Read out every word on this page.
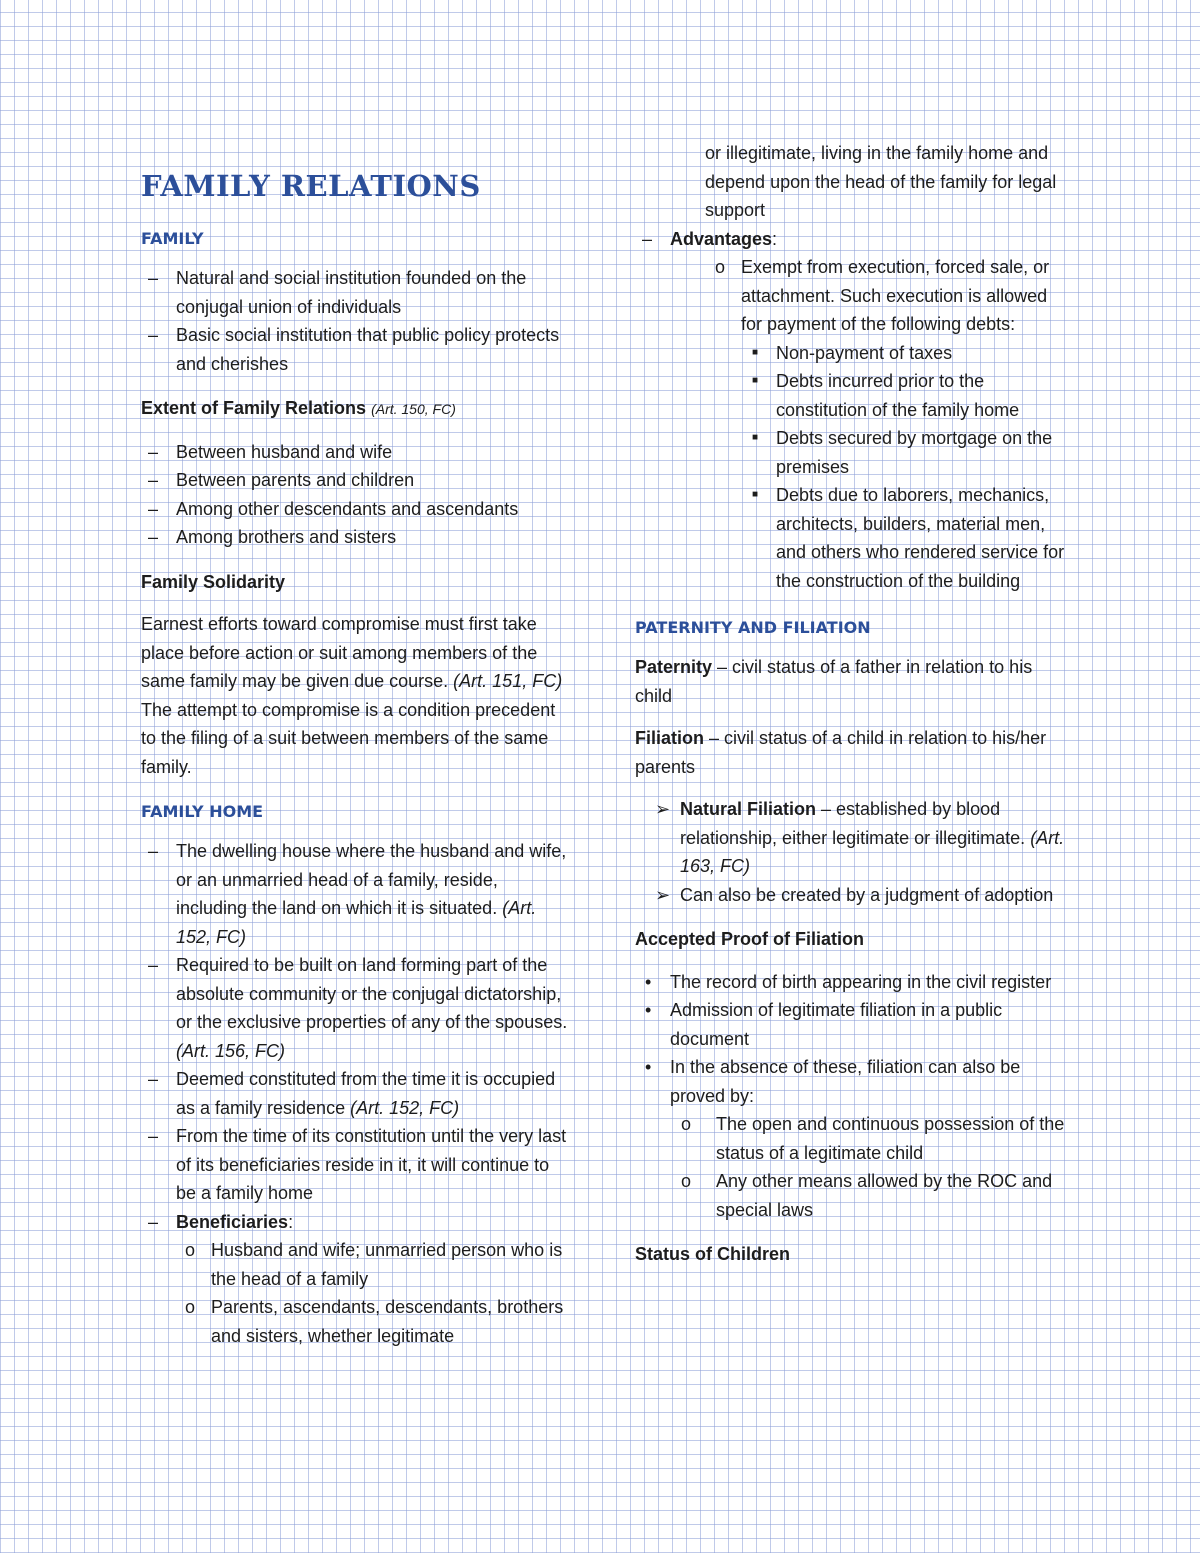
FAMILY RELATIONS
FAMILY
– Natural and social institution founded on the conjugal union of individuals
– Basic social institution that public policy protects and cherishes
Extent of Family Relations (Art. 150, FC)
– Between husband and wife
– Between parents and children
– Among other descendants and ascendants
– Among brothers and sisters
Family Solidarity

Earnest efforts toward compromise must first take place before action or suit among members of the same family may be given due course. (Art. 151, FC) The attempt to compromise is a condition precedent to the filing of a suit between members of the same family.

FAMILY HOME
– The dwelling house where the husband and wife, or an unmarried head of a family, reside, including the land on which it is situated. (Art. 152, FC)
– Required to be built on land forming part of the absolute community or the conjugal dictatorship, or the exclusive properties of any of the spouses. (Art. 156, FC)
– Deemed constituted from the time it is occupied as a family residence (Art. 152, FC)
– From the time of its constitution until the very last of its beneficiaries reside in it, it will continue to be a family home
– Beneficiaries:
o Husband and wife; unmarried person who is the head of a family
o Parents, ascendants, descendants, brothers and sisters, whether legitimate
or illegitimate, living in the family home and depend upon the head of the family for legal support
– Advantages:
o Exempt from execution, forced sale, or attachment. Such execution is allowed for payment of the following debts:
■ Non-payment of taxes
■ Debts incurred prior to the constitution of the family home
■ Debts secured by mortgage on the premises
■ Debts due to laborers, mechanics, architects, builders, material men, and others who rendered service for the construction of the building
PATERNITY AND FILIATION

Paternity – civil status of a father in relation to his child

Filiation – civil status of a child in relation to his/her parents

➢ Natural Filiation – established by blood relationship, either legitimate or illegitimate. (Art. 163, FC)
➢ Can also be created by a judgment of adoption
Accepted Proof of Filiation
• The record of birth appearing in the civil register
• Admission of legitimate filiation in a public document
• In the absence of these, filiation can also be proved by:
o The open and continuous possession of the status of a legitimate child
o Any other means allowed by the ROC and special laws
Status of Children
